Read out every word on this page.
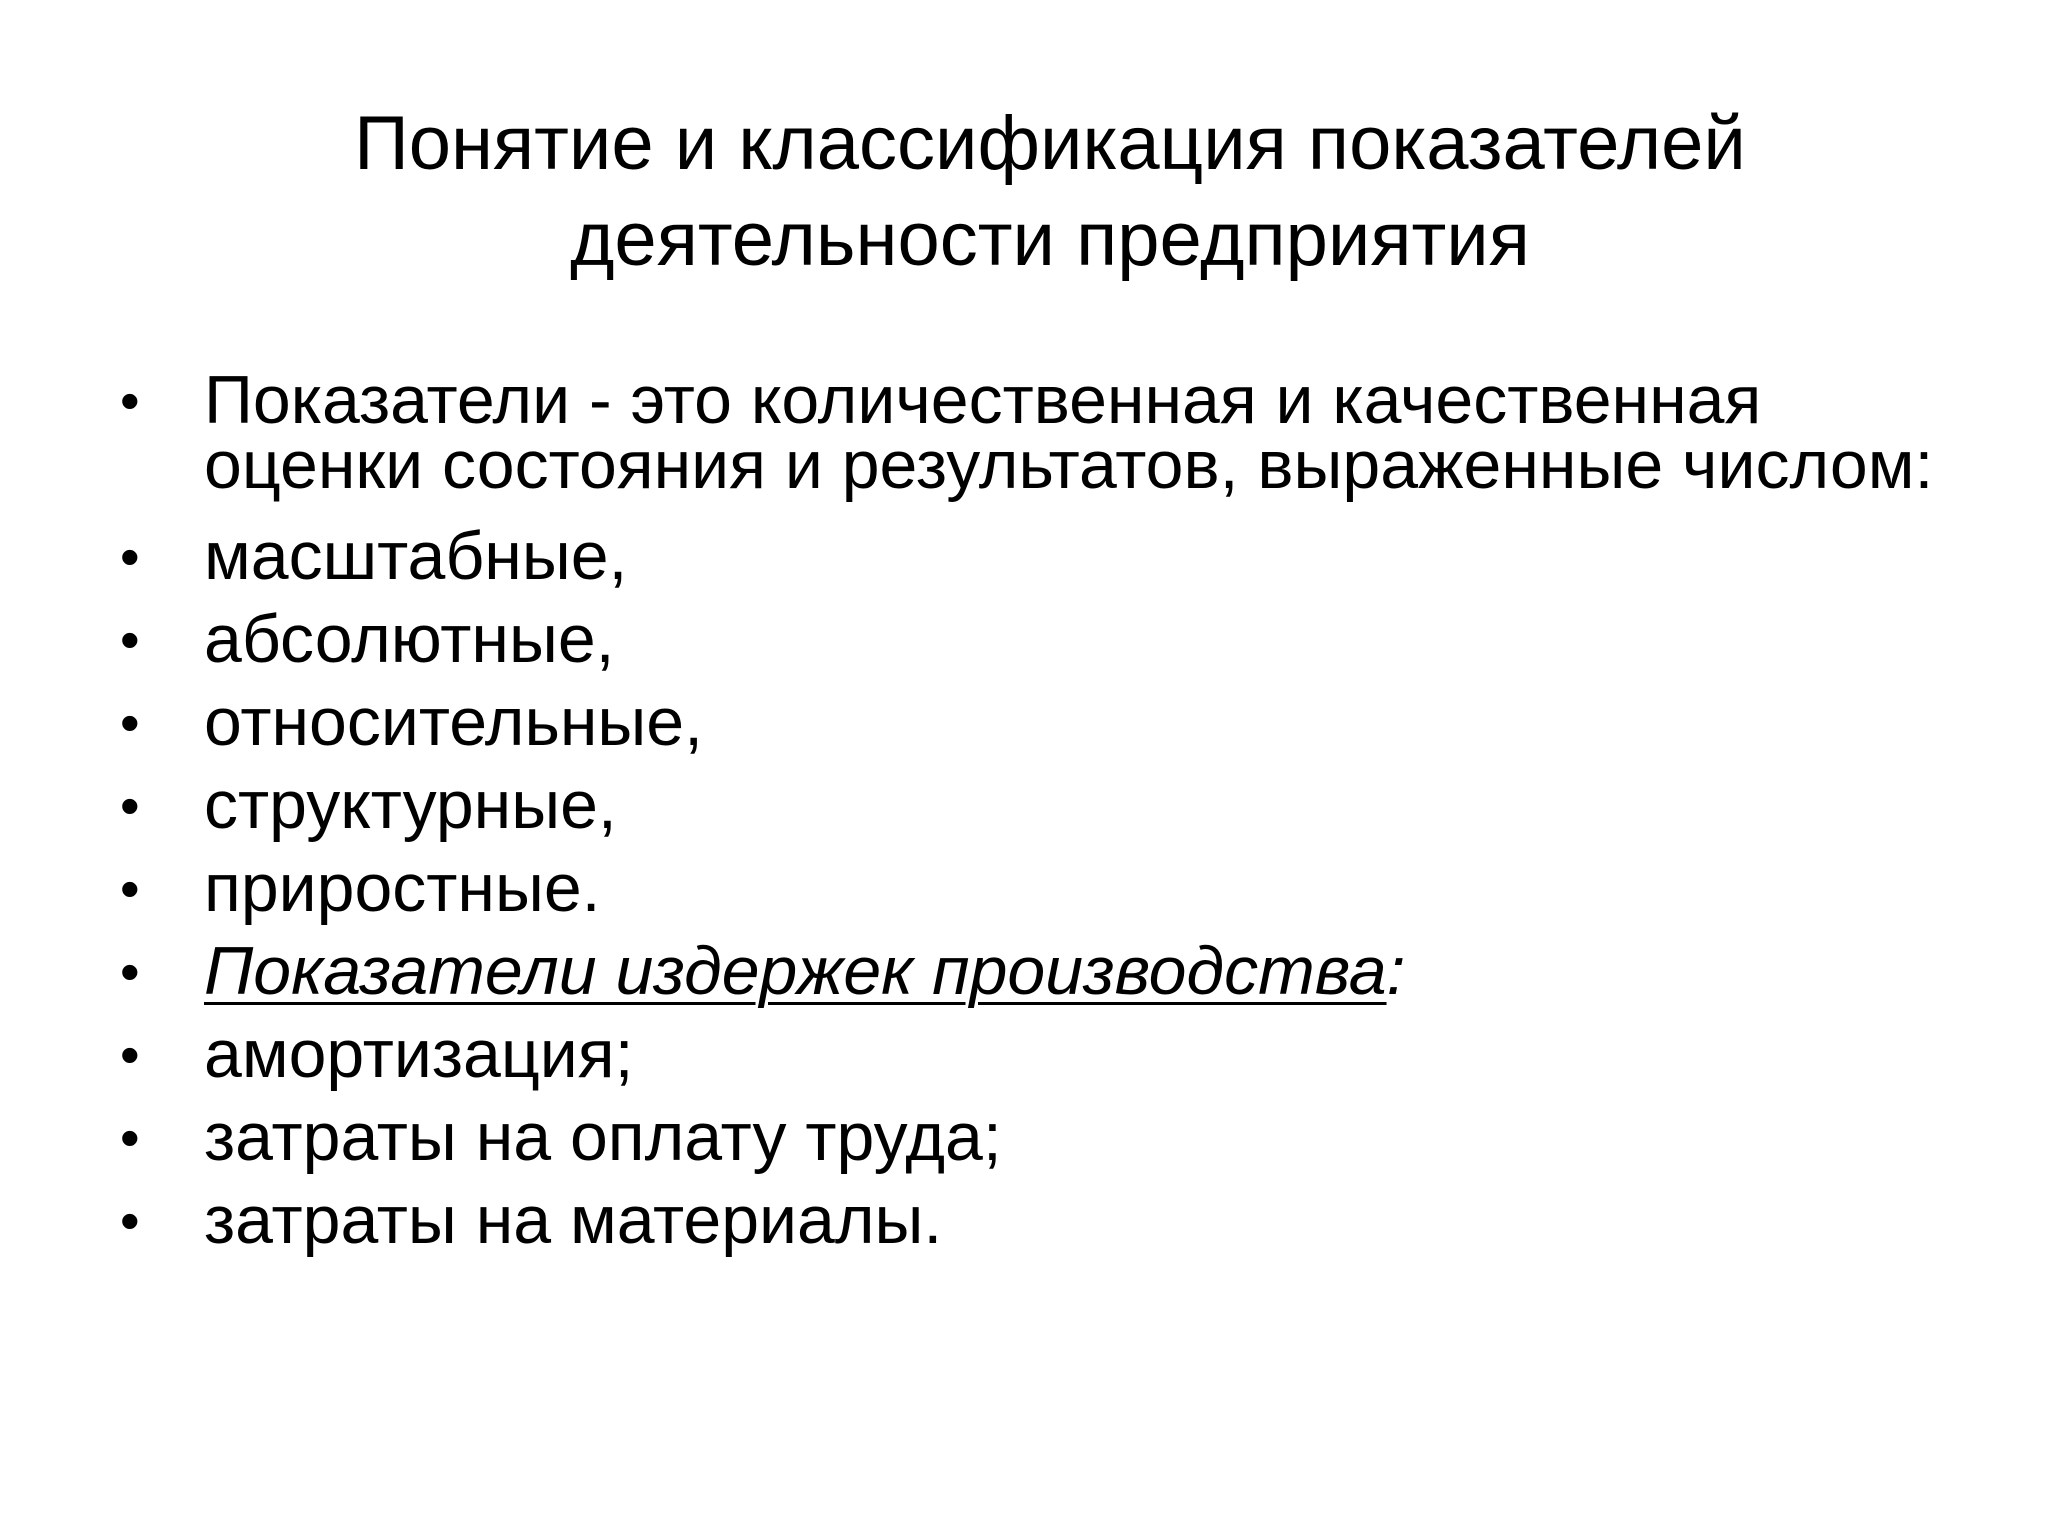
Понятие и классификация показателей
деятельности предприятия
• Показатели - это количественная и качественная оценки состояния и результатов, выраженные числом:
• масштабные,
• абсолютные,
• относительные,
• структурные,
• приростные.
• Показатели издержек производства:
• амортизация;
• затраты на оплату труда;
• затраты на материалы.
